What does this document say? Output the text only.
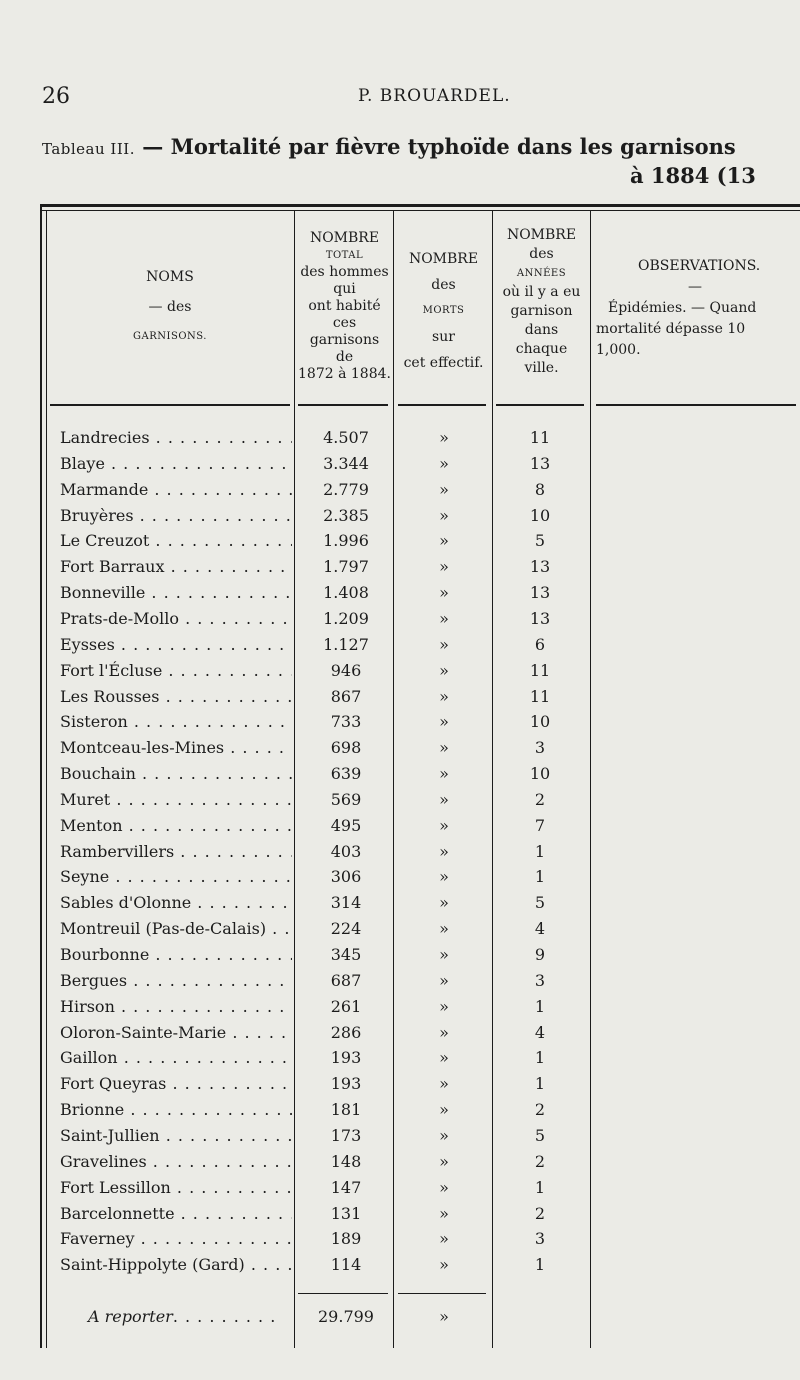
26	P. BROUARDEL.
Tableau III. — Mortalité par fièvre typhoïde dans les garnisons
à 1884 (13
NOMS
— des
GARNISONS.
NOMBRE
TOTAL
des hommes
qui
ont habité
ces
garnisons
de
1872 à 1884.
NOMBRE
des
MORTS
sur
cet effectif.
NOMBRE
des
ANNÉES
où il y a eu
garnison
dans
chaque
ville.
OBSERVATIONS.
—
Épidémies. — Quand
mortalité dépasse 10
1,000.
Landrecies . . .	4.507	»	11
Blaye . . .	3.344	»	13
Marmande . . .	2.779	»	8
Bruyères . . .	2.385	»	10
Le Creuzot . . .	1.996	»	5
Fort Barraux . . .	1.797	»	13
Bonneville . . .	1.408	»	13
Prats-de-Mollo . . .	1.209	»	13
Eysses . . .	1.127	»	6
Fort l'Écluse . . .	946	»	11
Les Rousses . . .	867	»	11
Sisteron . . .	733	»	10
Montceau-les-Mines . . .	698	»	3
Bouchain . . .	639	»	10
Muret . . .	569	»	2
Menton . . .	495	»	7
Rambervillers . . .	403	»	1
Seyne . . .	306	»	1
Sables d'Olonne . . .	314	»	5
Montreuil (Pas-de-Calais) . . .	224	»	4
Bourbonne . . .	345	»	9
Bergues . . .	687	»	3
Hirson . . .	261	»	1
Oloron-Sainte-Marie . . .	286	»	4
Gaillon . . .	193	»	1
Fort Queyras . . .	193	»	1
Brionne . . .	181	»	2
Saint-Jullien . . .	173	»	5
Gravelines . . .	148	»	2
Fort Lessillon . . .	147	»	1
Barcelonnette . . .	131	»	2
Faverney . . .	189	»	3
Saint-Hippolyte (Gard) . . .	114	»	1
A reporter . . .	29.799	»
